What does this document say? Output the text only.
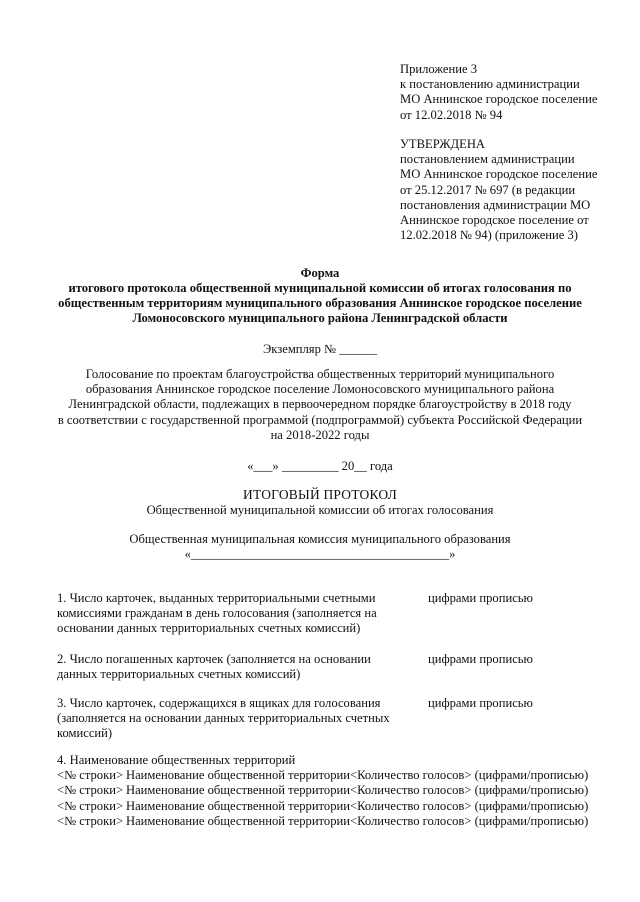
Приложение 3
к постановлению администрации
МО Аннинское городское поселение
от 12.02.2018 № 94
УТВЕРЖДЕНА
постановлением администрации
МО Аннинское городское поселение
от 25.12.2017 № 697 (в редакции
постановления администрации МО
Аннинское городское поселение от
12.02.2018 № 94) (приложение 3)
Форма
итогового протокола общественной муниципальной комиссии об итогах голосования по
общественным территориям муниципального образования Аннинское городское поселение
Ломоносовского муниципального района Ленинградской области
Экземпляр № ______
Голосование по проектам благоустройства общественных территорий муниципального
образования Аннинское городское поселение Ломоносовского муниципального района
Ленинградской области, подлежащих в первоочередном порядке благоустройству в 2018 году
в соответствии с государственной программой (подпрограммой) субъекта Российской Федерации
на 2018-2022 годы
«___» _________ 20__ года
ИТОГОВЫЙ ПРОТОКОЛ
Общественной муниципальной комиссии об итогах голосования
Общественная муниципальная комиссия муниципального образования
«_________________________________________»
1. Число карточек, выданных территориальными счетными
комиссиями гражданам в день голосования (заполняется на
основании данных территориальных счетных комиссий)
цифрами прописью
2. Число погашенных карточек (заполняется на основании
данных территориальных счетных комиссий)
цифрами прописью
3. Число карточек, содержащихся в ящиках для голосования
(заполняется на основании данных территориальных счетных
комиссий)
цифрами прописью
4. Наименование общественных территорий
<№ строки> Наименование общественной территории<Количество голосов> (цифрами/прописью)
<№ строки> Наименование общественной территории<Количество голосов> (цифрами/прописью)
<№ строки> Наименование общественной территории<Количество голосов> (цифрами/прописью)
<№ строки> Наименование общественной территории<Количество голосов> (цифрами/прописью)
